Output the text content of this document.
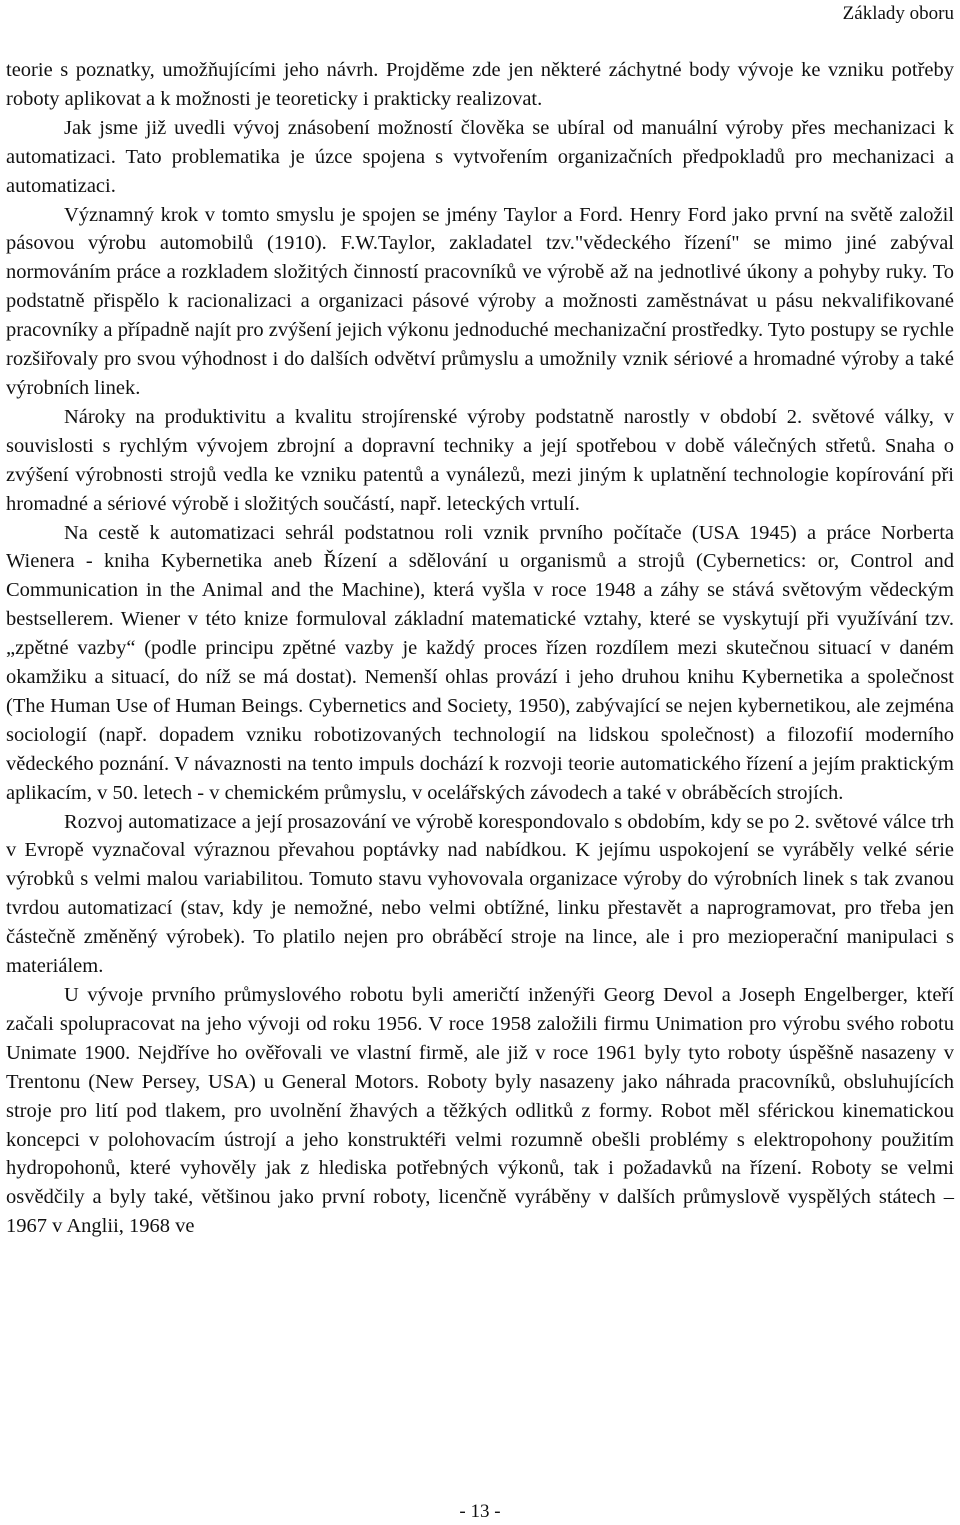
Základy oboru

teorie s poznatky, umožňujícími jeho návrh. Projděme zde jen některé záchytné body vývoje ke vzniku potřeby roboty aplikovat a k možnosti je teoreticky i prakticky realizovat.

Jak jsme již uvedli vývoj znásobení možností člověka se ubíral od manuální výroby přes mechanizaci k automatizaci. Tato problematika je úzce spojena s vytvořením organizačních předpokladů pro mechanizaci a automatizaci.

Významný krok v tomto smyslu je spojen se jmény Taylor a Ford. Henry Ford jako první na světě založil pásovou výrobu automobilů (1910). F.W.Taylor, zakladatel tzv."vědeckého řízení" se mimo jiné zabýval normováním práce a rozkladem složitých činností pracovníků ve výrobě až na jednotlivé úkony a pohyby ruky. To podstatně přispělo k racionalizaci a organizaci pásové výroby a možnosti zaměstnávat u pásu nekvalifikované pracovníky a případně najít pro zvýšení jejich výkonu jednoduché mechanizační prostředky. Tyto postupy se rychle rozšiřovaly pro svou výhodnost i do dalších odvětví průmyslu a umožnily vznik sériové a hromadné výroby a také výrobních linek.

Nároky na produktivitu a kvalitu strojírenské výroby podstatně narostly v období 2. světové války, v souvislosti s rychlým vývojem zbrojní a dopravní techniky a její spotřebou v době válečných střetů. Snaha o zvýšení výrobnosti strojů vedla ke vzniku patentů a vynálezů, mezi jiným k uplatnění technologie kopírování při hromadné a sériové výrobě i složitých součástí, např. leteckých vrtulí.

Na cestě k automatizaci sehrál podstatnou roli vznik prvního počítače (USA 1945) a práce Norberta Wienera - kniha Kybernetika aneb Řízení a sdělování u organismů a strojů (Cybernetics: or, Control and Communication in the Animal and the Machine), která vyšla v roce 1948 a záhy se stává světovým vědeckým bestsellerem. Wiener v této knize formuloval základní matematické vztahy, které se vyskytují při využívání tzv. „zpětné vazby“ (podle principu zpětné vazby je každý proces řízen rozdílem mezi skutečnou situací v daném okamžiku a situací, do níž se má dostat). Nemenší ohlas provází i jeho druhou knihu Kybernetika a společnost (The Human Use of Human Beings. Cybernetics and Society, 1950), zabývající se nejen kybernetikou, ale zejména sociologií (např. dopadem vzniku robotizovaných technologií na lidskou společnost) a filozofií moderního vědeckého poznání. V návaznosti na tento impuls dochází k rozvoji teorie automatického řízení a jejím praktickým aplikacím, v 50. letech - v chemickém průmyslu, v ocelářských závodech a také v obráběcích strojích.

Rozvoj automatizace a její prosazování ve výrobě korespondovalo s obdobím, kdy se po 2. světové válce trh v Evropě vyznačoval výraznou převahou poptávky nad nabídkou. K jejímu uspokojení se vyráběly velké série výrobků s velmi malou variabilitou. Tomuto stavu vyhovovala organizace výroby do výrobních linek s tak zvanou tvrdou automatizací (stav, kdy je nemožné, nebo velmi obtížné, linku přestavět a naprogramovat, pro třeba jen částečně změněný výrobek). To platilo nejen pro obráběcí stroje na lince, ale i pro mezioperační manipulaci s materiálem.

U vývoje prvního průmyslového robotu byli američtí inženýři Georg Devol a Joseph Engelberger, kteří začali spolupracovat na jeho vývoji od roku 1956. V roce 1958 založili firmu Unimation pro výrobu svého robotu Unimate 1900. Nejdříve ho ověřovali ve vlastní firmě, ale již v roce 1961 byly tyto roboty úspěšně nasazeny v Trentonu (New Persey, USA) u General Motors. Roboty byly nasazeny jako náhrada pracovníků, obsluhujících stroje pro lití pod tlakem, pro uvolnění žhavých a těžkých odlitků z formy. Robot měl sférickou kinematickou koncepci v polohovacím ústrojí a jeho konstruktéři velmi rozumně obešli problémy s elektropohony použitím hydropohonů, které vyhověly jak z hlediska potřebných výkonů, tak i požadavků na řízení. Roboty se velmi osvědčily a byly také, většinou jako první roboty, licenčně vyráběny v dalších průmyslově vyspělých státech – 1967 v Anglii, 1968 ve

- 13 -
